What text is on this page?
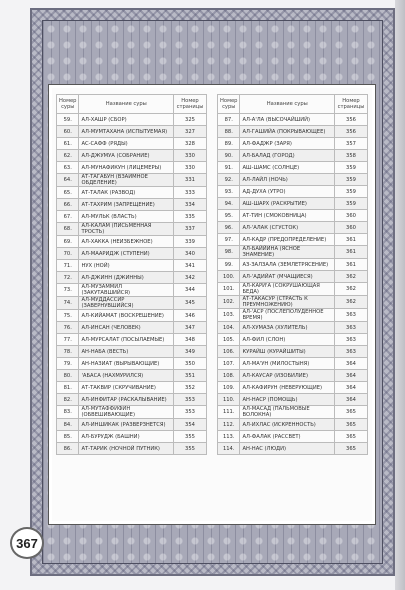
Номер суры	Название суры	Номер страницы
59.	АЛ-ХАШР (СБОР)	325
60.	АЛ-МУМТАХАНА (ИСПЫТУЕМАЯ)	327
61.	АС-САФФ (РЯДЫ)	328
62.	АЛ-ДЖУМУА (СОБРАНИЕ)	330
63.	АЛ-МУНАФИКУН (ЛИЦЕМЕРЫ)	330
64.	АТ-ТАГАБУН (ВЗАИМНОЕ ОБДЕЛЕНИЕ)	331
65.	АТ-ТАЛАК (РАЗВОД)	333
66.	АТ-ТАХРИМ (ЗАПРЕЩЕНИЕ)	334
67.	АЛ-МУЛЬК (ВЛАСТЬ)	335
68.	АЛ-КАЛАМ (ПИСЬМЕННАЯ ТРОСТЬ)	337
69.	АЛ-ХАККА (НЕИЗБЕЖНОЕ)	339
70.	АЛ-МААРИДЖ (СТУПЕНИ)	340
71.	НУХ (НОЙ)	341
72.	АЛ-ДЖИНН (ДЖИННЫ)	342
73.	АЛ-МУЗАММИЛ (ЗАКУТАВШИЙСЯ)	344
74.	АЛ-МУДДАССИР (ЗАВЕРНУВШИЙСЯ)	345
75.	АЛ-КИЙАМАТ (ВОСКРЕШЕНИЕ)	346
76.	АЛ-ИНСАН (ЧЕЛОВЕК)	347
77.	АЛ-МУРСАЛАТ (ПОСЫЛАЕМЫЕ)	348
78.	АН-НАБА (ВЕСТЬ)	349
79.	АН-НАЗИАТ (ВЫРЫВАЮЩИЕ)	350
80.	'АБАСА (НАХМУРИЛСЯ)	351
81.	АТ-ТАКВИР (СКРУЧИВАНИЕ)	352
82.	АЛ-ИНФИТАР (РАСКАЛЫВАНИЕ)	353
83.	АЛ-МУТАФФИФИН (ОБВЕШИВАЮЩИЕ)	353
84.	АЛ-ИНШИКАК (РАЗВЕРЗНЕТСЯ)	354
85.	АЛ-БУРУДЖ (БАШНИ)	355
86.	АТ-ТАРИК (НОЧНОЙ ПУТНИК)	355
Номер суры	Название суры	Номер страницы
87.	АЛ-А'ЛА (ВЫСОЧАЙШИЙ)	356
88.	АЛ-ГАШИЙА (ПОКРЫВАЮЩЕЕ)	356
89.	АЛ-ФАДЖР (ЗАРЯ)	357
90.	АЛ-БАЛАД (ГОРОД)	358
91.	АШ-ШАМС (СОЛНЦЕ)	359
92.	АЛ-ЛАЙЛ (НОЧЬ)	359
93.	АД-ДУХА (УТРО)	359
94.	АШ-ШАРХ (РАСКРЫТИЕ)	359
95.	АТ-ТИН (СМОКОВНИЦА)	360
96.	АЛ-'АЛАК (СГУСТОК)	360
97.	АЛ-КАДР (ПРЕДОПРЕДЕЛЕНИЕ)	361
98.	АЛ-БАЙЙИНА (ЯСНОЕ ЗНАМЕНИЕ)	361
99.	АЗ-ЗАЛЗАЛА (ЗЕМЛЕТРЯСЕНИЕ)	361
100.	АЛ-'АДИЙАТ (МЧАЩИЕСЯ)	362
101.	АЛ-КАРИ'А (СОКРУШАЮЩАЯ БЕДА)	362
102.	АТ-ТАКАСУР (СТРАСТЬ К ПРЕУМНОЖЕНИЮ)	362
103.	АЛ-'АСР (ПОСЛЕПОЛУДЕННОЕ ВРЕМЯ)	363
104.	АЛ-ХУМАЗА (ХУЛИТЕЛЬ)	363
105.	АЛ-ФИЛ (СЛОН)	363
106.	КУРАЙШ (КУРАЙШИТЫ)	363
107.	АЛ-МА'УН (МИЛОСТЫНЯ)	364
108.	АЛ-КАУСАР (ИЗОБИЛИЕ)	364
109.	АЛ-КАФИРУН (НЕВЕРУЮЩИЕ)	364
110.	АН-НАСР (ПОМОЩЬ)	364
111.	АЛ-МАСАД (ПАЛЬМОВЫЕ ВОЛОКНА)	365
112.	АЛ-ИХЛАС (ИСКРЕННОСТЬ)	365
113.	АЛ-ФАЛАК (РАССВЕТ)	365
114.	АН-НАС (ЛЮДИ)	365
367
